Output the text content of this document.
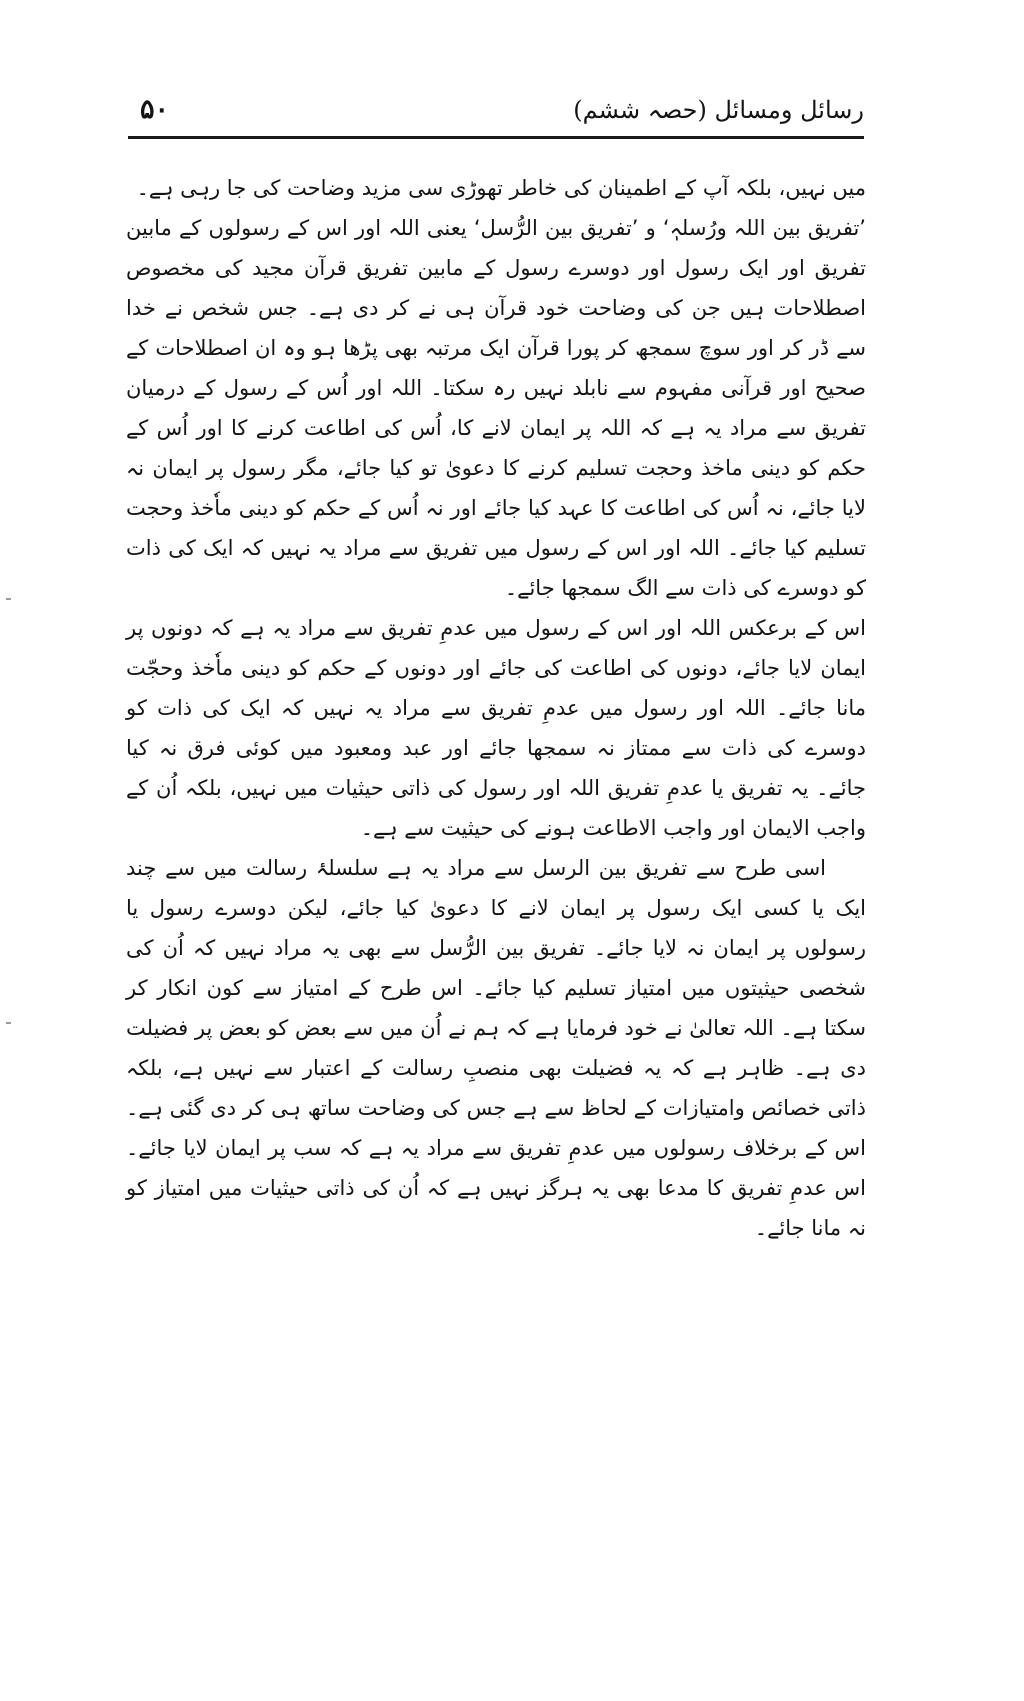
رسائل ومسائل (حصہ ششم)
۵۰

میں نہیں، بلکہ آپ کے اطمینان کی خاطر تھوڑی سی مزید وضاحت کی جا رہی ہے۔

’تفریق بین اللہ ورُسلہٖ‘ و ’تفریق بین الرُّسل‘ یعنی اللہ اور اس کے رسولوں کے مابین تفریق اور ایک رسول اور دوسرے رسول کے مابین تفریق قرآن مجید کی مخصوص اصطلاحات ہیں جن کی وضاحت خود قرآن ہی نے کر دی ہے۔ جس شخص نے خدا سے ڈر کر اور سوچ سمجھ کر پورا قرآن ایک مرتبہ بھی پڑھا ہو وہ ان اصطلاحات کے صحیح اور قرآنی مفہوم سے نابلد نہیں رہ سکتا۔ اللہ اور اُس کے رسول کے درمیان تفریق سے مراد یہ ہے کہ اللہ پر ایمان لانے کا، اُس کی اطاعت کرنے کا اور اُس کے حکم کو دینی ماخذ وحجت تسلیم کرنے کا دعویٰ تو کیا جائے، مگر رسول پر ایمان نہ لایا جائے، نہ اُس کی اطاعت کا عہد کیا جائے اور نہ اُس کے حکم کو دینی ماٗخذ وحجت تسلیم کیا جائے۔ اللہ اور اس کے رسول میں تفریق سے مراد یہ نہیں کہ ایک کی ذات کو دوسرے کی ذات سے الگ سمجھا جائے۔

اس کے برعکس اللہ اور اس کے رسول میں عدمِ تفریق سے مراد یہ ہے کہ دونوں پر ایمان لایا جائے، دونوں کی اطاعت کی جائے اور دونوں کے حکم کو دینی ماٗخذ وحجّت مانا جائے۔ اللہ اور رسول میں عدمِ تفریق سے مراد یہ نہیں کہ ایک کی ذات کو دوسرے کی ذات سے ممتاز نہ سمجھا جائے اور عبد ومعبود میں کوئی فرق نہ کیا جائے۔ یہ تفریق یا عدمِ تفریق اللہ اور رسول کی ذاتی حیثیات میں نہیں، بلکہ اُن کے واجب الایمان اور واجب الاطاعت ہونے کی حیثیت سے ہے۔

اسی طرح سے تفریق بین الرسل سے مراد یہ ہے سلسلۂ رسالت میں سے چند ایک یا کسی ایک رسول پر ایمان لانے کا دعویٰ کیا جائے، لیکن دوسرے رسول یا رسولوں پر ایمان نہ لایا جائے۔ تفریق بین الرُّسل سے بھی یہ مراد نہیں کہ اُن کی شخصی حیثیتوں میں امتیاز تسلیم کیا جائے۔ اس طرح کے امتیاز سے کون انکار کر سکتا ہے۔ اللہ تعالیٰ نے خود فرمایا ہے کہ ہم نے اُن میں سے بعض کو بعض پر فضیلت دی ہے۔ ظاہر ہے کہ یہ فضیلت بھی منصبِ رسالت کے اعتبار سے نہیں ہے، بلکہ ذاتی خصائص وامتیازات کے لحاظ سے ہے جس کی وضاحت ساتھ ہی کر دی گئی ہے۔ اس کے برخلاف رسولوں میں عدمِ تفریق سے مراد یہ ہے کہ سب پر ایمان لایا جائے۔ اس عدمِ تفریق کا مدعا بھی یہ ہرگز نہیں ہے کہ اُن کی ذاتی حیثیات میں امتیاز کو نہ مانا جائے۔
